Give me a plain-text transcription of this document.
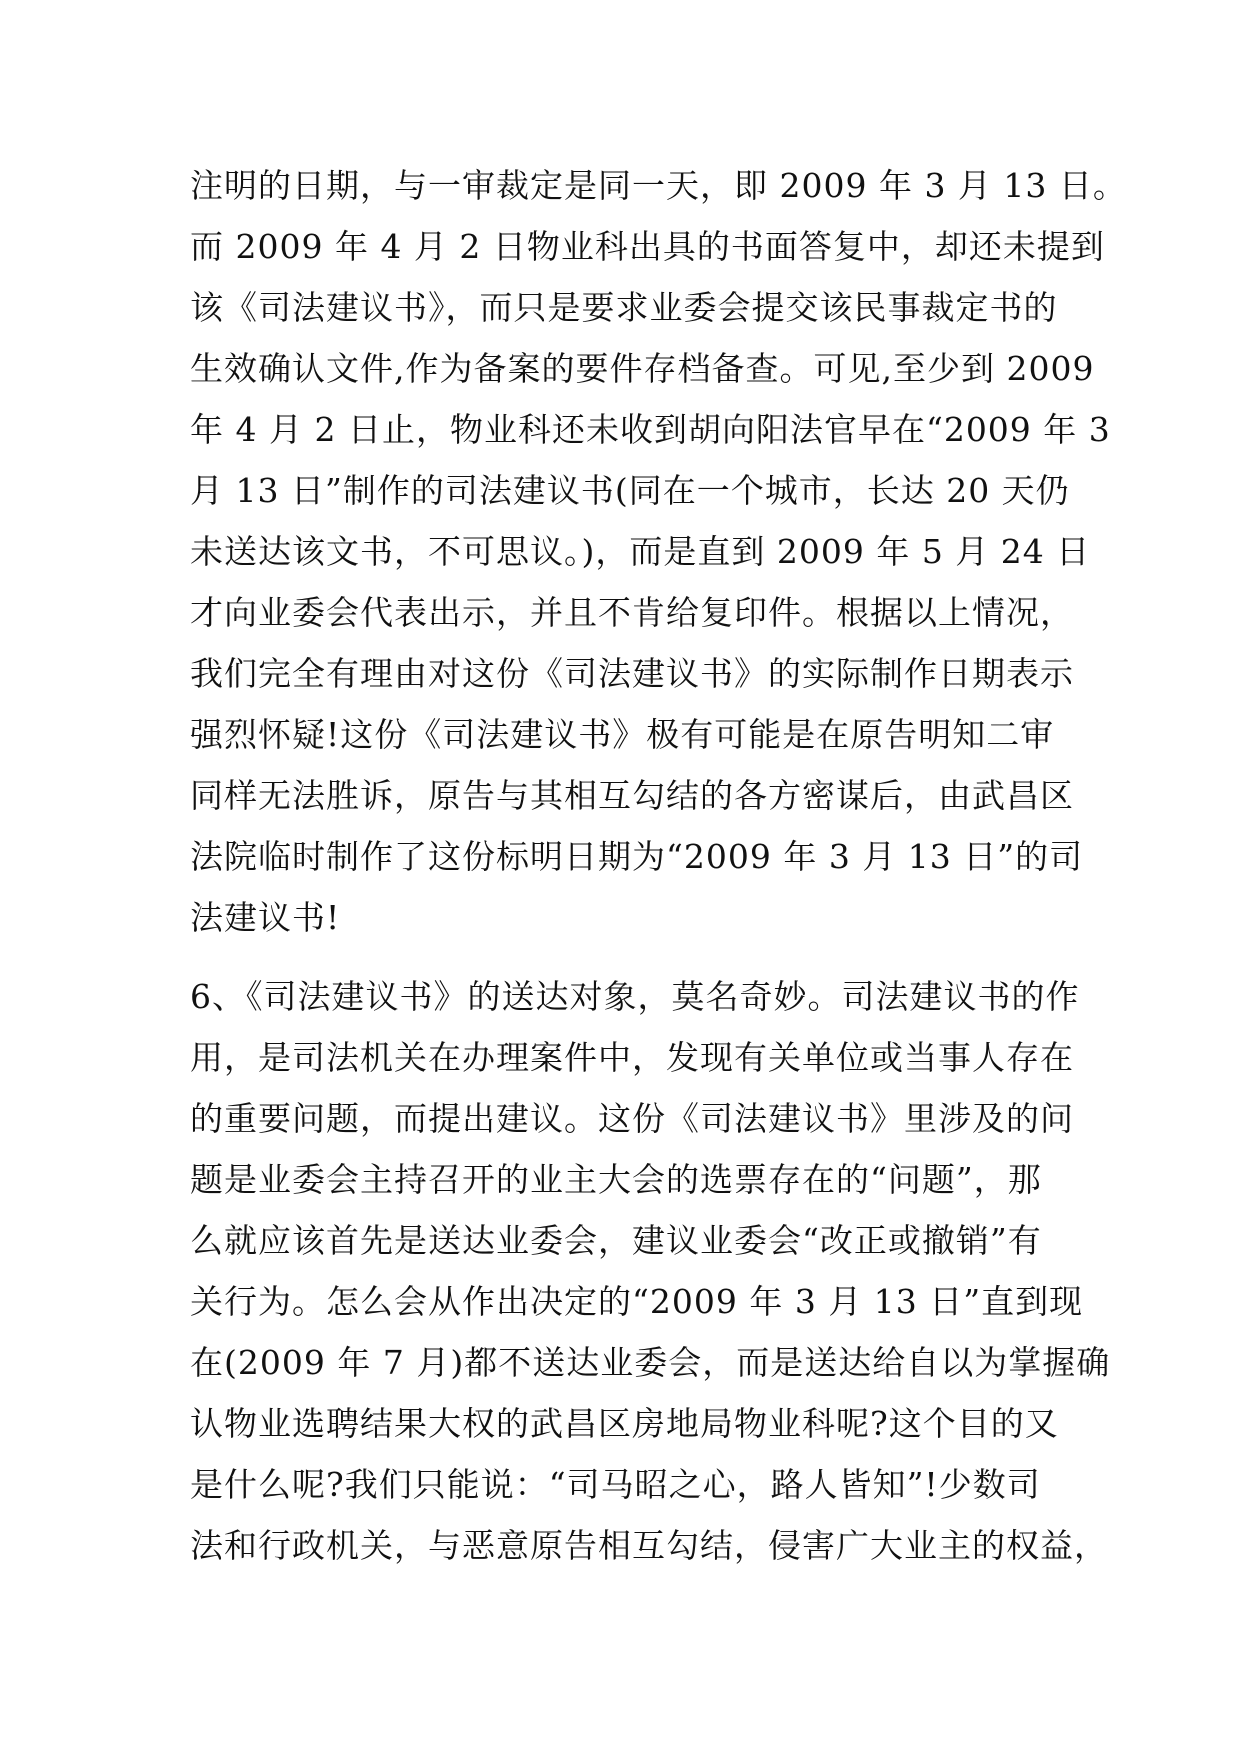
注明的日期，与一审裁定是同一天，即 2009 年 3 月 13 日。
而 2009 年 4 月 2 日物业科出具的书面答复中，却还未提到
该《司法建议书》，而只是要求业委会提交该民事裁定书的
生效确认文件,作为备案的要件存档备查。可见,至少到 2009
年 4 月 2 日止，物业科还未收到胡向阳法官早在“2009 年 3
月 13 日”制作的司法建议书(同在一个城市，长达 20 天仍
未送达该文书，不可思议。)，而是直到 2009 年 5 月 24 日
才向业委会代表出示，并且不肯给复印件。根据以上情况，
我们完全有理由对这份《司法建议书》的实际制作日期表示
强烈怀疑!这份《司法建议书》极有可能是在原告明知二审
同样无法胜诉，原告与其相互勾结的各方密谋后，由武昌区
法院临时制作了这份标明日期为“2009 年 3 月 13 日”的司
法建议书!
6、《司法建议书》的送达对象，莫名奇妙。司法建议书的作
用，是司法机关在办理案件中，发现有关单位或当事人存在
的重要问题，而提出建议。这份《司法建议书》里涉及的问
题是业委会主持召开的业主大会的选票存在的“问题”，那
么就应该首先是送达业委会，建议业委会“改正或撤销”有
关行为。怎么会从作出决定的“2009 年 3 月 13 日”直到现
在(2009 年 7 月)都不送达业委会，而是送达给自以为掌握确
认物业选聘结果大权的武昌区房地局物业科呢?这个目的又
是什么呢?我们只能说：“司马昭之心，路人皆知”!少数司
法和行政机关，与恶意原告相互勾结，侵害广大业主的权益，
